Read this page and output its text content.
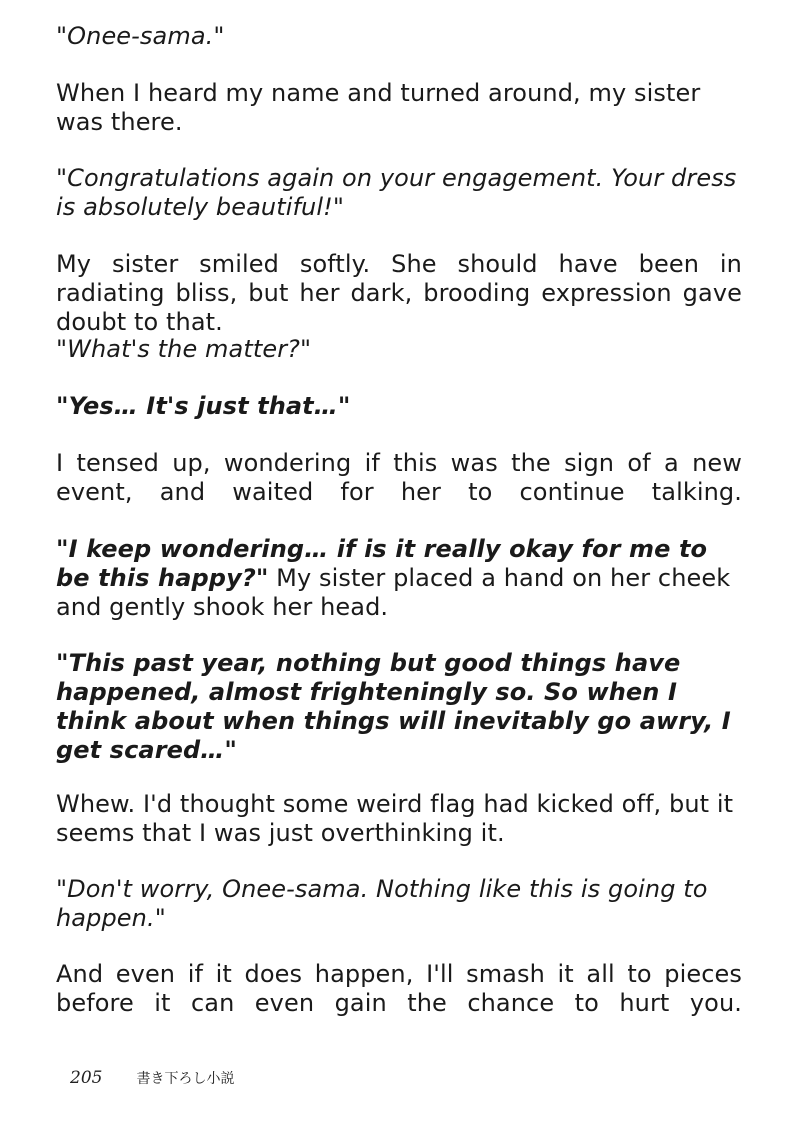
"Onee-sama."

When I heard my name and turned around, my sister was there.

"Congratulations again on your engagement. Your dress is absolutely beautiful!"

My sister smiled softly. She should have been in radiating bliss, but her dark, brooding expression gave doubt to that.

"What's the matter?"

"Yes… It's just that…"

I tensed up, wondering if this was the sign of a new event, and waited for her to continue talking.

"I keep wondering… if is it really okay for me to be this happy?" My sister placed a hand on her cheek and gently shook her head.

"This past year, nothing but good things have happened, almost frighteningly so. So when I think about when things will inevitably go awry, I get scared…"

Whew. I'd thought some weird flag had kicked off, but it seems that I was just overthinking it.

"Don't worry, Onee-sama. Nothing like this is going to happen."

And even if it does happen, I'll smash it all to pieces before it can even gain the chance to hurt you.

205 書き下ろし小説
